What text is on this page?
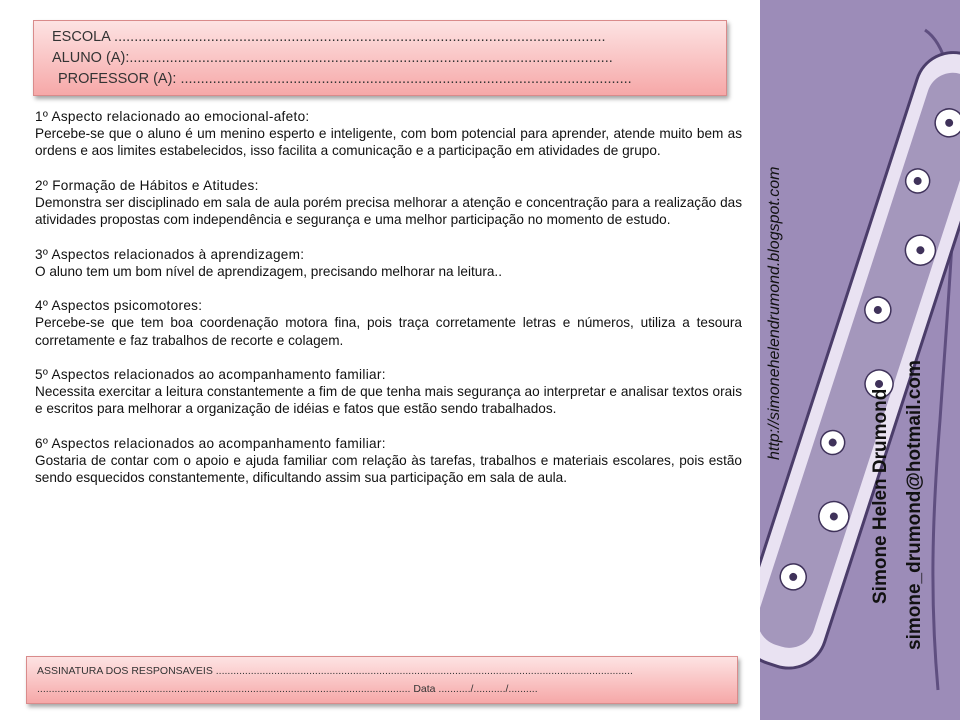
ESCOLA ..........................................................................................................................
ALUNO (A):........................................................................................................................
PROFESSOR (A): ................................................................................................................
1º Aspecto relacionado ao emocional-afeto:
Percebe-se que o aluno é um menino esperto e inteligente, com bom potencial para aprender, atende muito bem as ordens e aos limites estabelecidos, isso facilita a comunicação e a participação em atividades de grupo.
2º Formação de Hábitos e Atitudes:
Demonstra ser disciplinado em sala de aula porém precisa melhorar a atenção e concentração para a realização das atividades propostas com independência e segurança e uma melhor participação no momento de estudo.
3º Aspectos relacionados à aprendizagem:
O aluno tem um bom nível de aprendizagem, precisando melhorar na leitura..
4º Aspectos psicomotores:
Percebe-se que tem boa coordenação motora fina, pois traça corretamente letras e números, utiliza a tesoura corretamente e faz trabalhos de recorte e colagem.
5º Aspectos relacionados ao acompanhamento familiar:
Necessita exercitar a leitura constantemente a fim de que tenha mais segurança ao interpretar e analisar textos orais e escritos para melhorar a organização de idéias e fatos que estão sendo trabalhados.
6º Aspectos relacionados ao acompanhamento familiar:
Gostaria de contar com o apoio e ajuda familiar com relação às tarefas, trabalhos e materiais escolares, pois estão sendo esquecidos constantemente, dificultando assim sua participação em sala de aula.
ASSINATURA DOS RESPONSAVEIS ...............................................................................................................................................
................................................................................................................................ Data .........../.........../..........
http://simonehelendrumond.blogspot.com
Simone Helen Drumond simone_drumond@hotmail.com
